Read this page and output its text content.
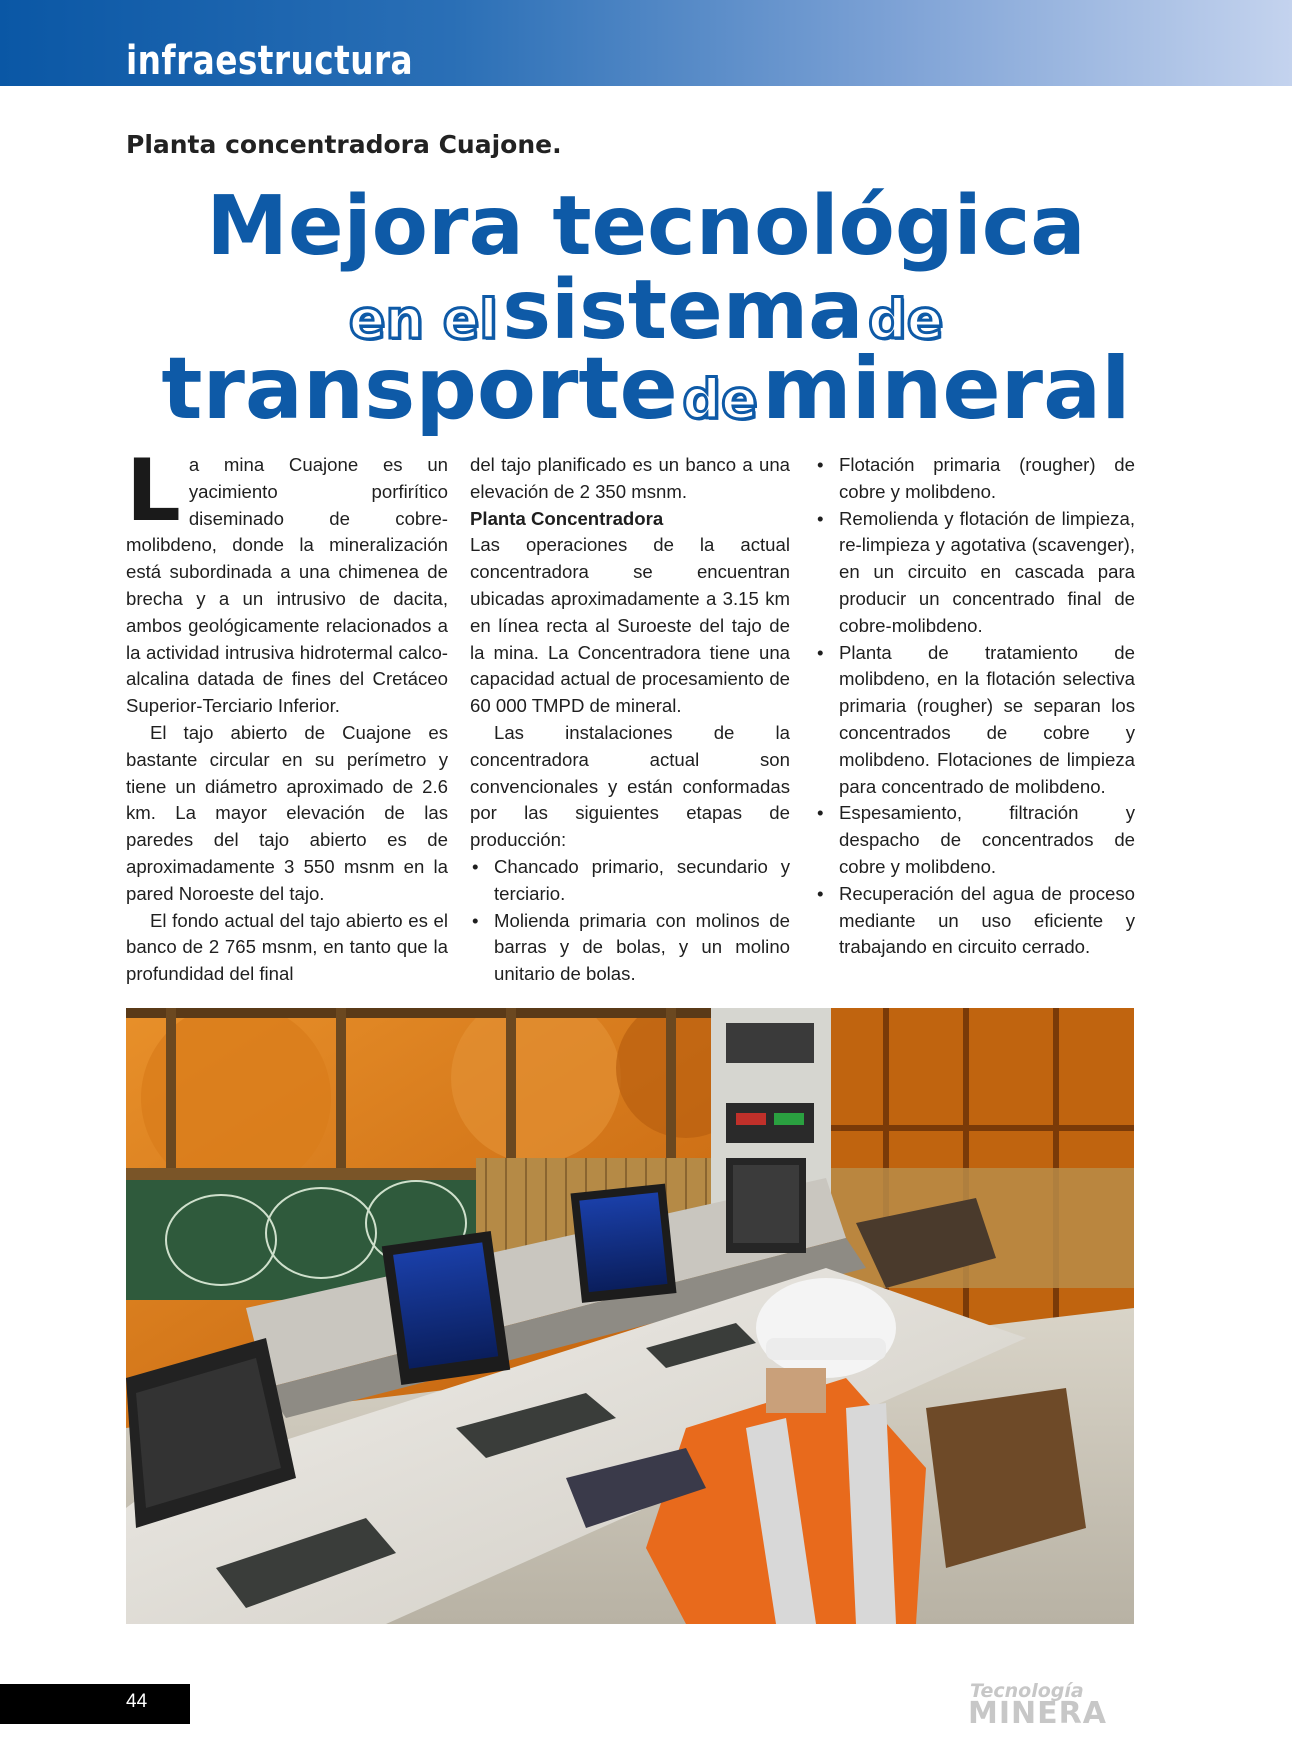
infraestructura
Planta concentradora Cuajone.
Mejora tecnológica
en el sistema de
transporte de mineral

La mina Cuajone es un yacimiento porfirítico diseminado de cobre-molibdeno, donde la mineralización está subordinada a una chimenea de brecha y a un intrusivo de dacita, ambos geológicamente relacionados a la actividad intrusiva hidrotermal calco-alcalina datada de fines del Cretáceo Superior-Terciario Inferior.

El tajo abierto de Cuajone es bastante circular en su perímetro y tiene un diámetro aproximado de 2.6 km. La mayor elevación de las paredes del tajo abierto es de aproximadamente 3 550 msnm en la pared Noroeste del tajo.

El fondo actual del tajo abierto es el banco de 2 765 msnm, en tanto que la profundidad del final

del tajo planificado es un banco a una elevación de 2 350 msnm.

Planta Concentradora

Las operaciones de la actual concentradora se encuentran ubicadas aproximadamente a 3.15 km en línea recta al Suroeste del tajo de la mina. La Concentradora tiene una capacidad actual de procesamiento de 60 000 TMPD de mineral.

Las instalaciones de la concentradora actual son convencionales y están conformadas por las siguientes etapas de producción:

• Chancado primario, secundario y terciario.
• Molienda primaria con molinos de barras y de bolas, y un molino unitario de bolas.
• Flotación primaria (rougher) de cobre y molibdeno.
• Remolienda y flotación de limpieza, re-limpieza y agotativa (scavenger), en un circuito en cascada para producir un concentrado final de cobre-molibdeno.
• Planta de tratamiento de molibdeno, en la flotación selectiva primaria (rougher) se separan los concentrados de cobre y molibdeno. Flotaciones de limpieza para concentrado de molibdeno.
• Espesamiento, filtración y despacho de concentrados de cobre y molibdeno.
• Recuperación del agua de proceso mediante un uso eficiente y trabajando en circuito cerrado.
44	Tecnología
MINERA
